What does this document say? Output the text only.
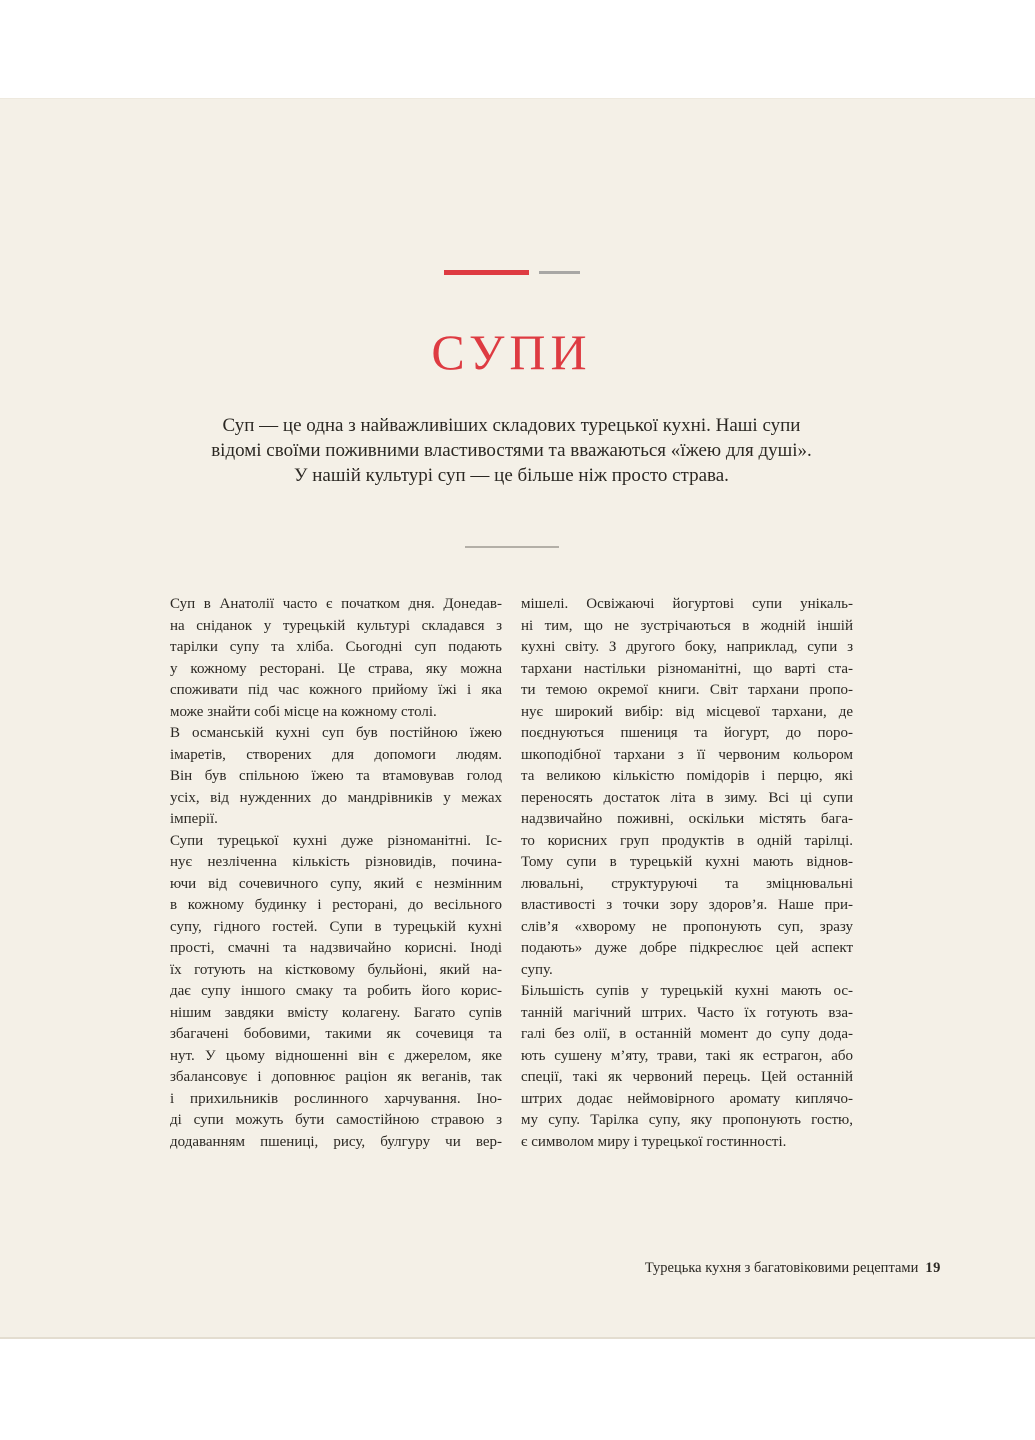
СУПИ
Суп — це одна з найважливіших складових турецької кухні. Наші супи
відомі своїми поживними властивостями та вважаються «їжею для душі».
У нашій культурі суп — це більше ніж просто страва.
Суп в Анатолії часто є початком дня. Донедав-
на сніданок у турецькій культурі складався з
тарілки супу та хліба. Сьогодні суп подають
у кожному ресторані. Це страва, яку можна
споживати під час кожного прийому їжі і яка
може знайти собі місце на кожному столі.
В османській кухні суп був постійною їжею
імаретів, створених для допомоги людям.
Він був спільною їжею та втамовував голод
усіх, від нужденних до мандрівників у межах
імперії.
Супи турецької кухні дуже різноманітні. Іс-
нує незліченна кількість різновидів, почина-
ючи від сочевичного супу, який є незмінним
в кожному будинку і ресторані, до весільного
супу, гідного гостей. Супи в турецькій кухні
прості, смачні та надзвичайно корисні. Іноді
їх готують на кістковому бульйоні, який на-
дає супу іншого смаку та робить його корис-
нішим завдяки вмісту колагену. Багато супів
збагачені бобовими, такими як сочевиця та
нут. У цьому відношенні він є джерелом, яке
збалансовує і доповнює раціон як веганів, так
і прихильників рослинного харчування. Іно-
ді супи можуть бути самостійною стравою з
додаванням пшениці, рису, булгуру чи вер-
мішелі. Освіжаючі йогуртові супи унікаль-
ні тим, що не зустрічаються в жодній іншій
кухні світу. З другого боку, наприклад, супи з
тархани настільки різноманітні, що варті ста-
ти темою окремої книги. Світ тархани пропо-
нує широкий вибір: від місцевої тархани, де
поєднуються пшениця та йогурт, до поро-
шкоподібної тархани з її червоним кольором
та великою кількістю помідорів і перцю, які
переносять достаток літа в зиму. Всі ці супи
надзвичайно поживні, оскільки містять бага-
то корисних груп продуктів в одній тарілці.
Тому супи в турецькій кухні мають віднов-
лювальні, структуруючі та зміцнювальні
властивості з точки зору здоров’я. Наше при-
слів’я «хворому не пропонують суп, зразу
подають» дуже добре підкреслює цей аспект
супу.
Більшість супів у турецькій кухні мають ос-
танній магічний штрих. Часто їх готують вза-
галі без олії, в останній момент до супу дода-
ють сушену м’яту, трави, такі як естрагон, або
спеції, такі як червоний перець. Цей останній
штрих додає неймовірного аромату киплячо-
му супу. Тарілка супу, яку пропонують гостю,
є символом миру і турецької гостинності.
Турецька кухня з багатовіковими рецептами 19
